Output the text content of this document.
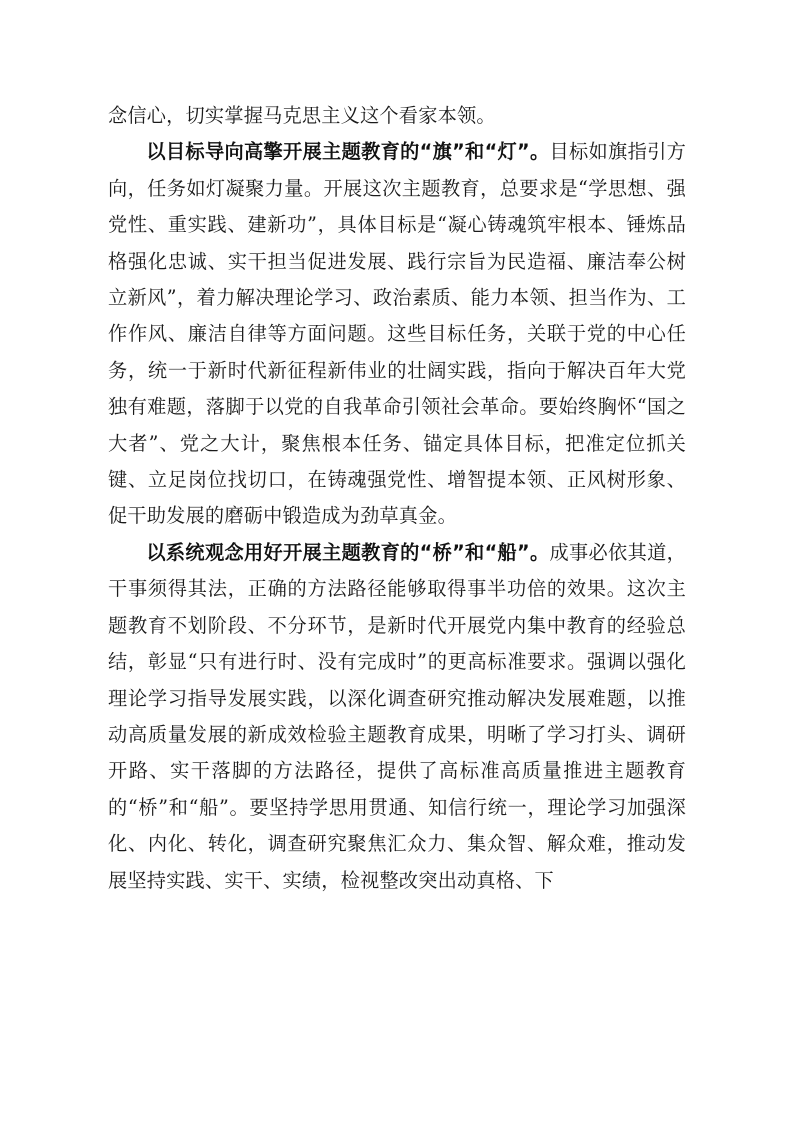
念信心，切实掌握马克思主义这个看家本领。

以目标导向高擎开展主题教育的“旗”和“灯”。目标如旗指引方向，任务如灯凝聚力量。开展这次主题教育，总要求是“学思想、强党性、重实践、建新功”，具体目标是“凝心铸魂筑牢根本、锤炼品格强化忠诚、实干担当促进发展、践行宗旨为民造福、廉洁奉公树立新风”，着力解决理论学习、政治素质、能力本领、担当作为、工作作风、廉洁自律等方面问题。这些目标任务，关联于党的中心任务，统一于新时代新征程新伟业的壮阔实践，指向于解决百年大党独有难题，落脚于以党的自我革命引领社会革命。要始终胸怀“国之大者”、党之大计，聚焦根本任务、锚定具体目标，把准定位抓关键、立足岗位找切口，在铸魂强党性、增智提本领、正风树形象、促干助发展的磨砺中锻造成为劲草真金。

以系统观念用好开展主题教育的“桥”和“船”。成事必依其道，干事须得其法，正确的方法路径能够取得事半功倍的效果。这次主题教育不划阶段、不分环节，是新时代开展党内集中教育的经验总结，彰显“只有进行时、没有完成时”的更高标准要求。强调以强化理论学习指导发展实践，以深化调查研究推动解决发展难题，以推动高质量发展的新成效检验主题教育成果，明晰了学习打头、调研开路、实干落脚的方法路径，提供了高标准高质量推进主题教育的“桥”和“船”。要坚持学思用贯通、知信行统一，理论学习加强深化、内化、转化，调查研究聚焦汇众力、集众智、解众难，推动发展坚持实践、实干、实绩，检视整改突出动真格、下
